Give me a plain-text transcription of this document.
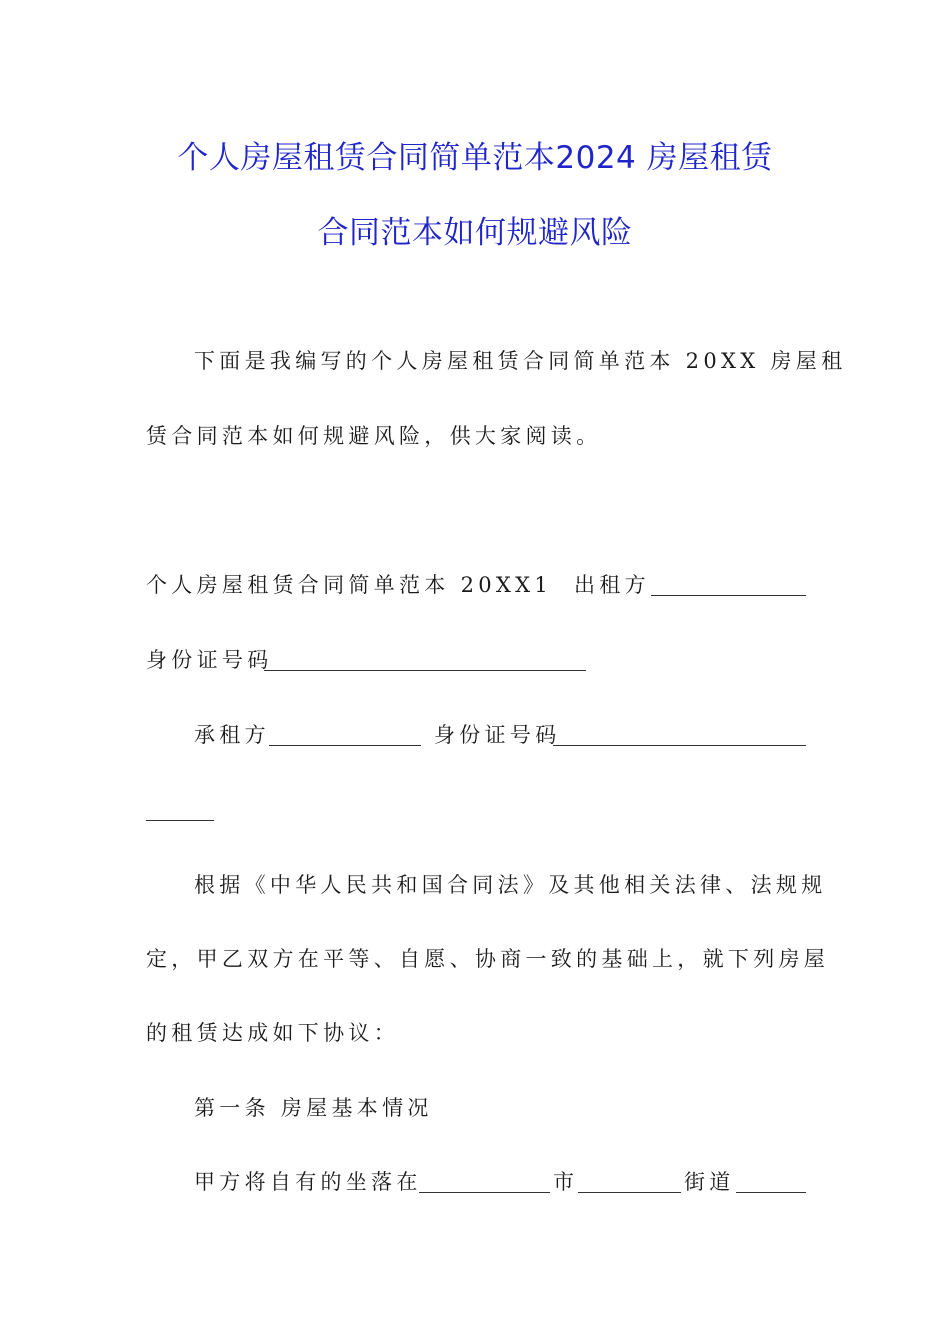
个人房屋租赁合同简单范本2024 房屋租赁
合同范本如何规避风险
下面是我编写的个人房屋租赁合同简单范本 20XX 房屋租
赁合同范本如何规避风险，供大家阅读。
个人房屋租赁合同简单范本 20XX1	出租方
身份证号码
承租方	身份证号码
根据《中华人民共和国合同法》及其他相关法律、法规规
定，甲乙双方在平等、自愿、协商一致的基础上，就下列房屋
的租赁达成如下协议：
第一条 房屋基本情况
甲方将自有的坐落在	市	街道
